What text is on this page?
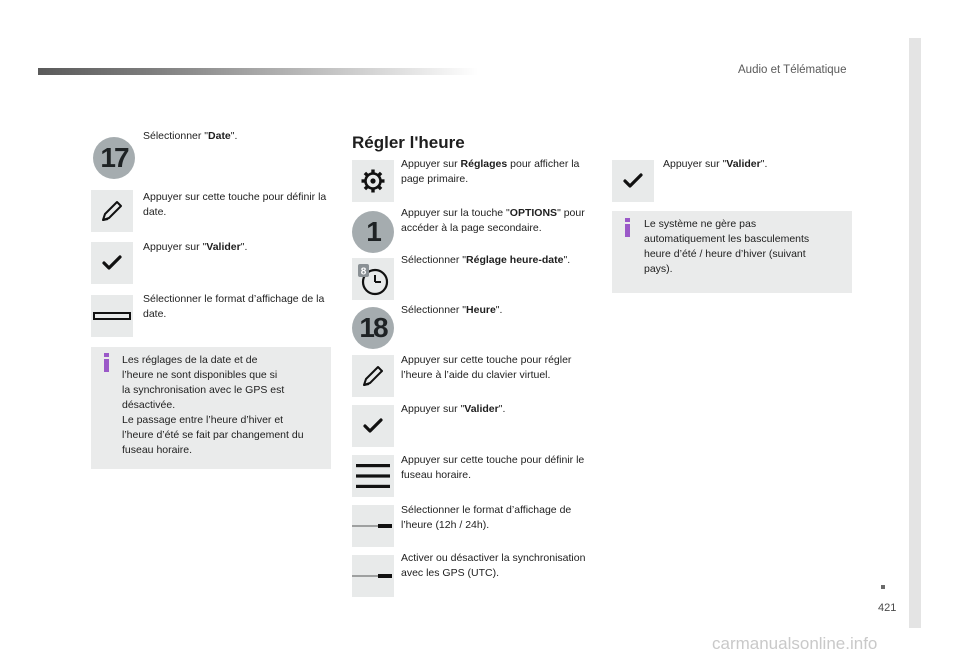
Audio et Télématique
421
carmanualsonline.info
17
Sélectionner "Date".
Appuyer sur cette touche pour définir la date.
Appuyer sur "Valider".
Sélectionner le format d’affichage de la date.
Les réglages de la date et de
l’heure ne sont disponibles que si
la synchronisation avec le GPS est
désactivée.
Le passage entre l’heure d’hiver et
l’heure d’été se fait par changement du
fuseau horaire.
Régler l'heure
Appuyer sur Réglages pour afficher la page primaire.
1
Appuyer sur la touche "OPTIONS" pour accéder à la page secondaire.
8
Sélectionner "Réglage heure-date".
18
Sélectionner "Heure".
Appuyer sur cette touche pour régler l’heure à l’aide du clavier virtuel.
Appuyer sur "Valider".
Appuyer sur cette touche pour définir le fuseau horaire.
Sélectionner le format d’affichage de l’heure (12h / 24h).
Activer ou désactiver la synchronisation avec les GPS (UTC).
Appuyer sur "Valider".
Le système ne gère pas
automatiquement les basculements
heure d’été / heure d’hiver (suivant
pays).
